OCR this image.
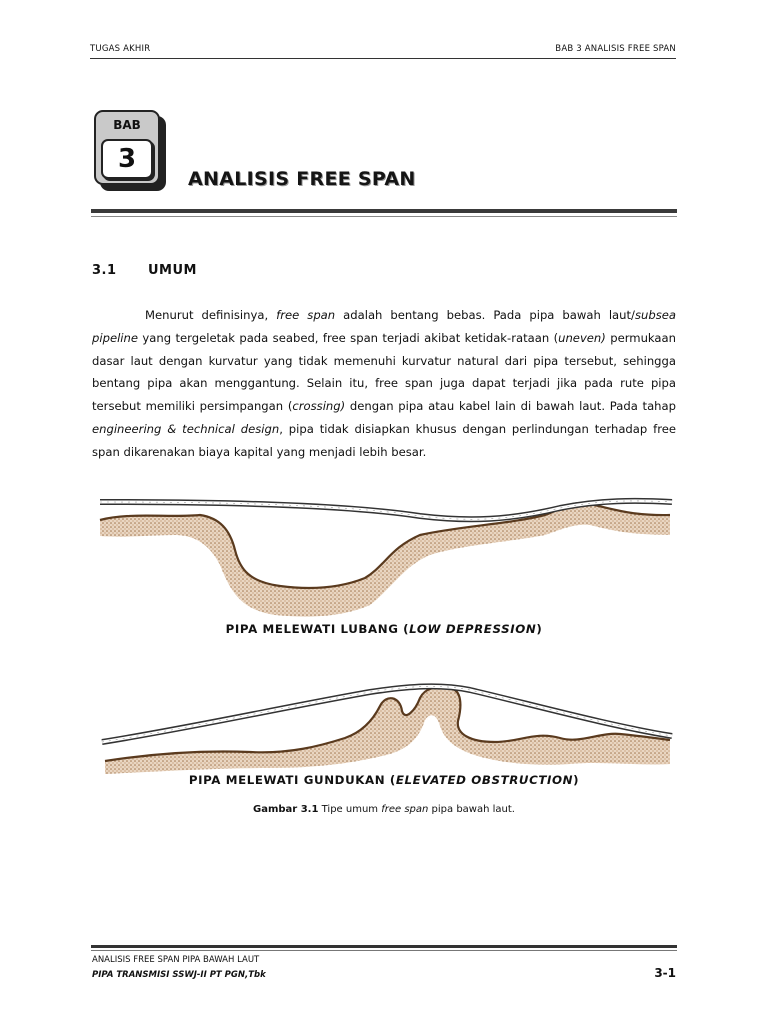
TUGAS AKHIR	BAB 3 ANALISIS FREE SPAN
BAB
3
ANALISIS FREE SPAN
3.1 UMUM

Menurut definisinya, free span adalah bentang bebas. Pada pipa bawah laut/subsea pipeline yang tergeletak pada seabed, free span terjadi akibat ketidak-rataan (uneven) permukaan dasar laut dengan kurvatur yang tidak memenuhi kurvatur natural dari pipa tersebut, sehingga bentang pipa akan menggantung. Selain itu, free span juga dapat terjadi jika pada rute pipa tersebut memiliki persimpangan (crossing) dengan pipa atau kabel lain di bawah laut. Pada tahap engineering & technical design, pipa tidak disiapkan khusus dengan perlindungan terhadap free span dikarenakan biaya kapital yang menjadi lebih besar.

PIPA MELEWATI LUBANG (LOW DEPRESSION)
PIPA MELEWATI GUNDUKAN (ELEVATED OBSTRUCTION)
Gambar 3.1 Tipe umum free span pipa bawah laut.
ANALISIS FREE SPAN PIPA BAWAH LAUT
PIPA TRANSMISI SSWJ-II PT PGN,Tbk	3-1
